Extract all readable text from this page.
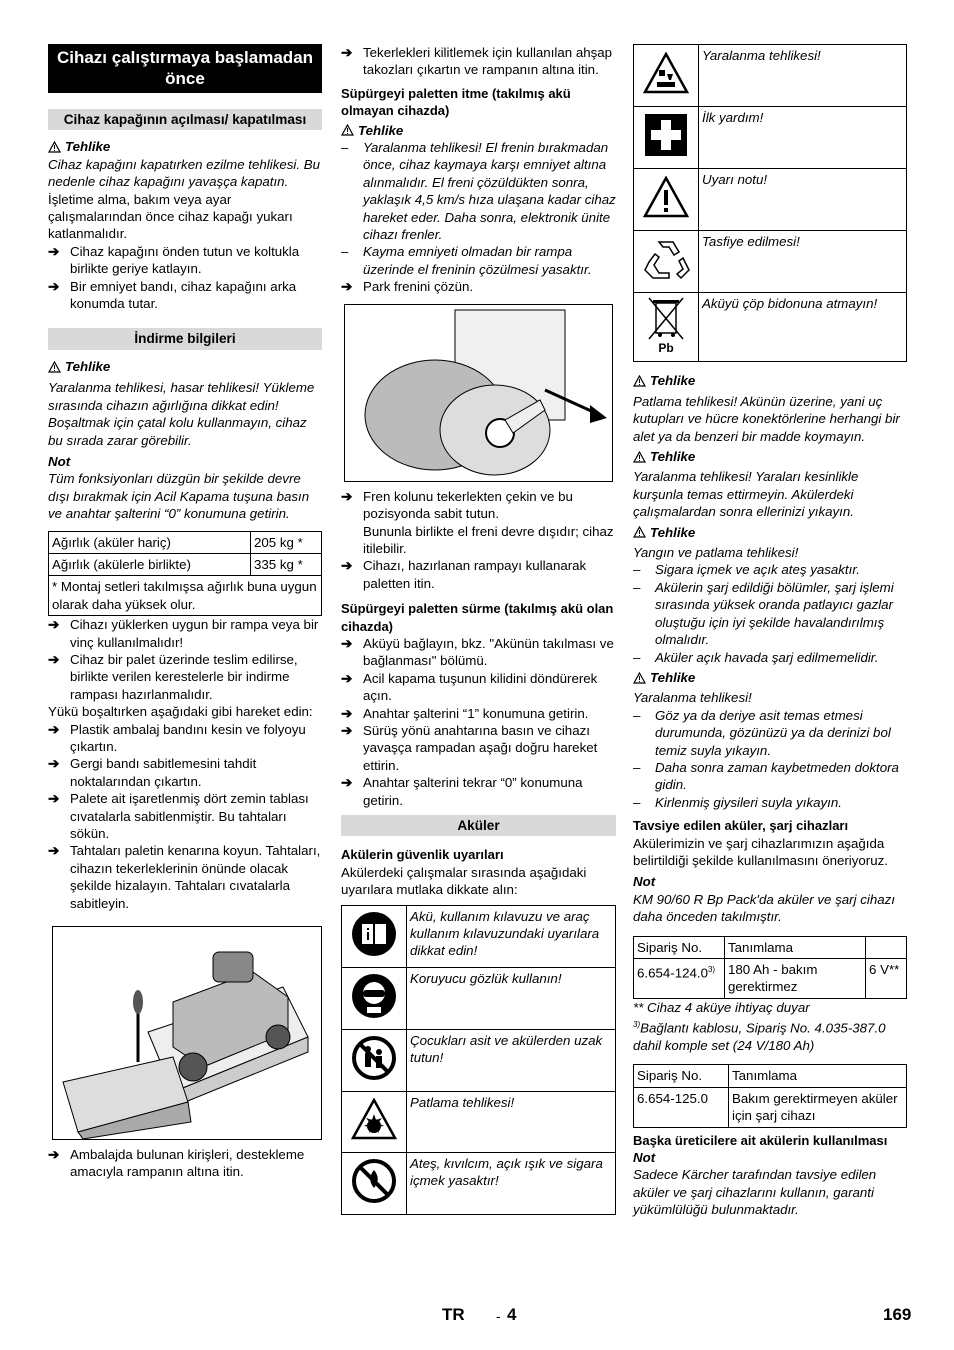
Cihazı çalıştırmaya başlamadan önce
Cihaz kapağının açılması/ kapatılması
Tehlike

Cihaz kapağını kapatırken ezilme tehlikesi. Bu nedenle cihaz kapağını yavaşça kapatın.

İşletime alma, bakım veya ayar çalışmalarından önce cihaz kapağı yukarı katlanmalıdır.

➔ Cihaz kapağını önden tutun ve koltukla birlikte geriye katlayın.
➔ Bir emniyet bandı, cihaz kapağını arka konumda tutar.
İndirme bilgileri
Tehlike

Yaralanma tehlikesi, hasar tehlikesi! Yükleme sırasında cihazın ağırlığına dikkat edin! Boşaltmak için çatal kolu kullanmayın, cihaz bu sırada zarar görebilir.

Not

Tüm fonksiyonları düzgün bir şekilde devre dışı bırakmak için Acil Kapama tuşuna basın ve anahtar şalterini “0” konumuna getirin.

Ağırlık (aküler hariç)	205 kg *
Ağırlık (akülerle birlikte)	335 kg *
* Montaj setleri takılmışsa ağırlık buna uygun olarak daha yüksek olur.	
➔ Cihazı yüklerken uygun bir rampa veya bir vinç kullanılmalıdır!
➔ Cihaz bir palet üzerinde teslim edilirse, birlikte verilen kerestelerle bir indirme rampası hazırlanmalıdır.

Yükü boşaltırken aşağıdaki gibi hareket edin:

➔ Plastik ambalaj bandını kesin ve folyoyu çıkartın.
➔ Gergi bandı sabitlemesini tahdit noktalarından çıkartın.
➔ Palete ait işaretlenmiş dört zemin tablası cıvatalarla sabitlenmiştir. Bu tahtaları sökün.
➔ Tahtaları paletin kenarına koyun. Tahtaları, cihazın tekerleklerinin önünde olacak şekilde hizalayın. Tahtaları cıvatalarla sabitleyin.
➔ Ambalajda bulunan kirişleri, destekleme amacıyla rampanın altına itin.
➔ Tekerlekleri kilitlemek için kullanılan ahşap takozları çıkartın ve rampanın altına itin.
Süpürgeyi paletten itme (takılmış akü olmayan cihazda)
Tehlike
–	Yaralanma tehlikesi! El frenin bırakmadan önce, cihaz kaymaya karşı emniyet altına alınmalıdır. El freni çözüldükten sonra, yaklaşık 4,5 km/s hıza ulaşana kadar cihaz hareket eder. Daha sonra, elektronik ünite cihazı frenler.
–	Kayma emniyeti olmadan bir rampa üzerinde el freninin çözülmesi yasaktır.
➔ Park frenini çözün.
➔ Fren kolunu tekerlekten çekin ve bu pozisyonda sabit tutun.

Bununla birlikte el freni devre dışıdır; cihaz itilebilir.

➔ Cihazı, hazırlanan rampayı kullanarak paletten itin.
Süpürgeyi paletten sürme (takılmış akü olan cihazda)
➔ Aküyü bağlayın, bkz. "Akünün takılması ve bağlanması" bölümü.
➔ Acil kapama tuşunun kilidini döndürerek açın.
➔ Anahtar şalterini “1” konumuna getirin.
➔ Sürüş yönü anahtarına basın ve cihazı yavaşça rampadan aşağı doğru hareket ettirin.
➔ Anahtar şalterini tekrar “0” konumuna getirin.
Aküler
Akülerin güvenlik uyarıları

Akülerdeki çalışmalar sırasında aşağıdaki uyarılara mutlaka dikkate alın:

	Akü, kullanım kılavuzu ve araç kullanım kılavuzundaki uyarılara dikkat edin!
	Koruyucu gözlük kullanın!
	Çocukları asit ve akülerden uzak tutun!
	Patlama tehlikesi!
	Ateş, kıvılcım, açık ışık ve sigara içmek yasaktır!
	Yaralanma tehlikesi!
	İlk yardım!
	Uyarı notu!
	Tasfiye edilmesi!

Pb	Aküyü çöp bidonuna atmayın!
Tehlike

Patlama tehlikesi! Akünün üzerine, yani uç kutupları ve hücre konektörlerine herhangi bir alet ya da benzeri bir madde koymayın.

Tehlike

Yaralanma tehlikesi! Yaraları kesinlikle kurşunla temas ettirmeyin. Akülerdeki çalışmalardan sonra ellerinizi yıkayın.

Tehlike

Yangın ve patlama tehlikesi!

–	Sigara içmek ve açık ateş yasaktır.
–	Akülerin şarj edildiği bölümler, şarj işlemi sırasında yüksek oranda patlayıcı gazlar oluştuğu için iyi şekilde havalandırılmış olmalıdır.
–	Aküler açık havada şarj edilmemelidir.
Tehlike

Yaralanma tehlikesi!

–	Göz ya da deriye asit temas etmesi durumunda, gözünüzü ya da derinizi bol temiz suyla yıkayın.
–	Daha sonra zaman kaybetmeden doktora gidin.
–	Kirlenmiş giysileri suyla yıkayın.
Tavsiye edilen aküler, şarj cihazları

Akülerimizin ve şarj cihazlarımızın aşağıda belirtildiği şekilde kullanılmasını öneriyoruz.

Not

KM 90/60 R Bp Pack'da aküler ve şarj cihazı daha önceden takılmıştır.

Sipariş No.	Tanımlama	
6.654-124.0$^{3)}$	180 Ah - bakım gerektirmez	6 V**

** Cihaz 4 aküye ihtiyaç duyar

$^{3)}$Bağlantı kablosu, Sipariş No. 4.035-387.0 dahil komple set (24 V/180 Ah)

Sipariş No.	Tanımlama
6.654-125.0	Bakım gerektirmeyen aküler için şarj cihazı
Başka üreticilere ait akülerin kullanılması
Not

Sadece Kärcher tarafından tavsiye edilen aküler ve şarj cihazlarını kullanın, garanti yükümlülüğü bulunmaktadır.

TR - 4	169
